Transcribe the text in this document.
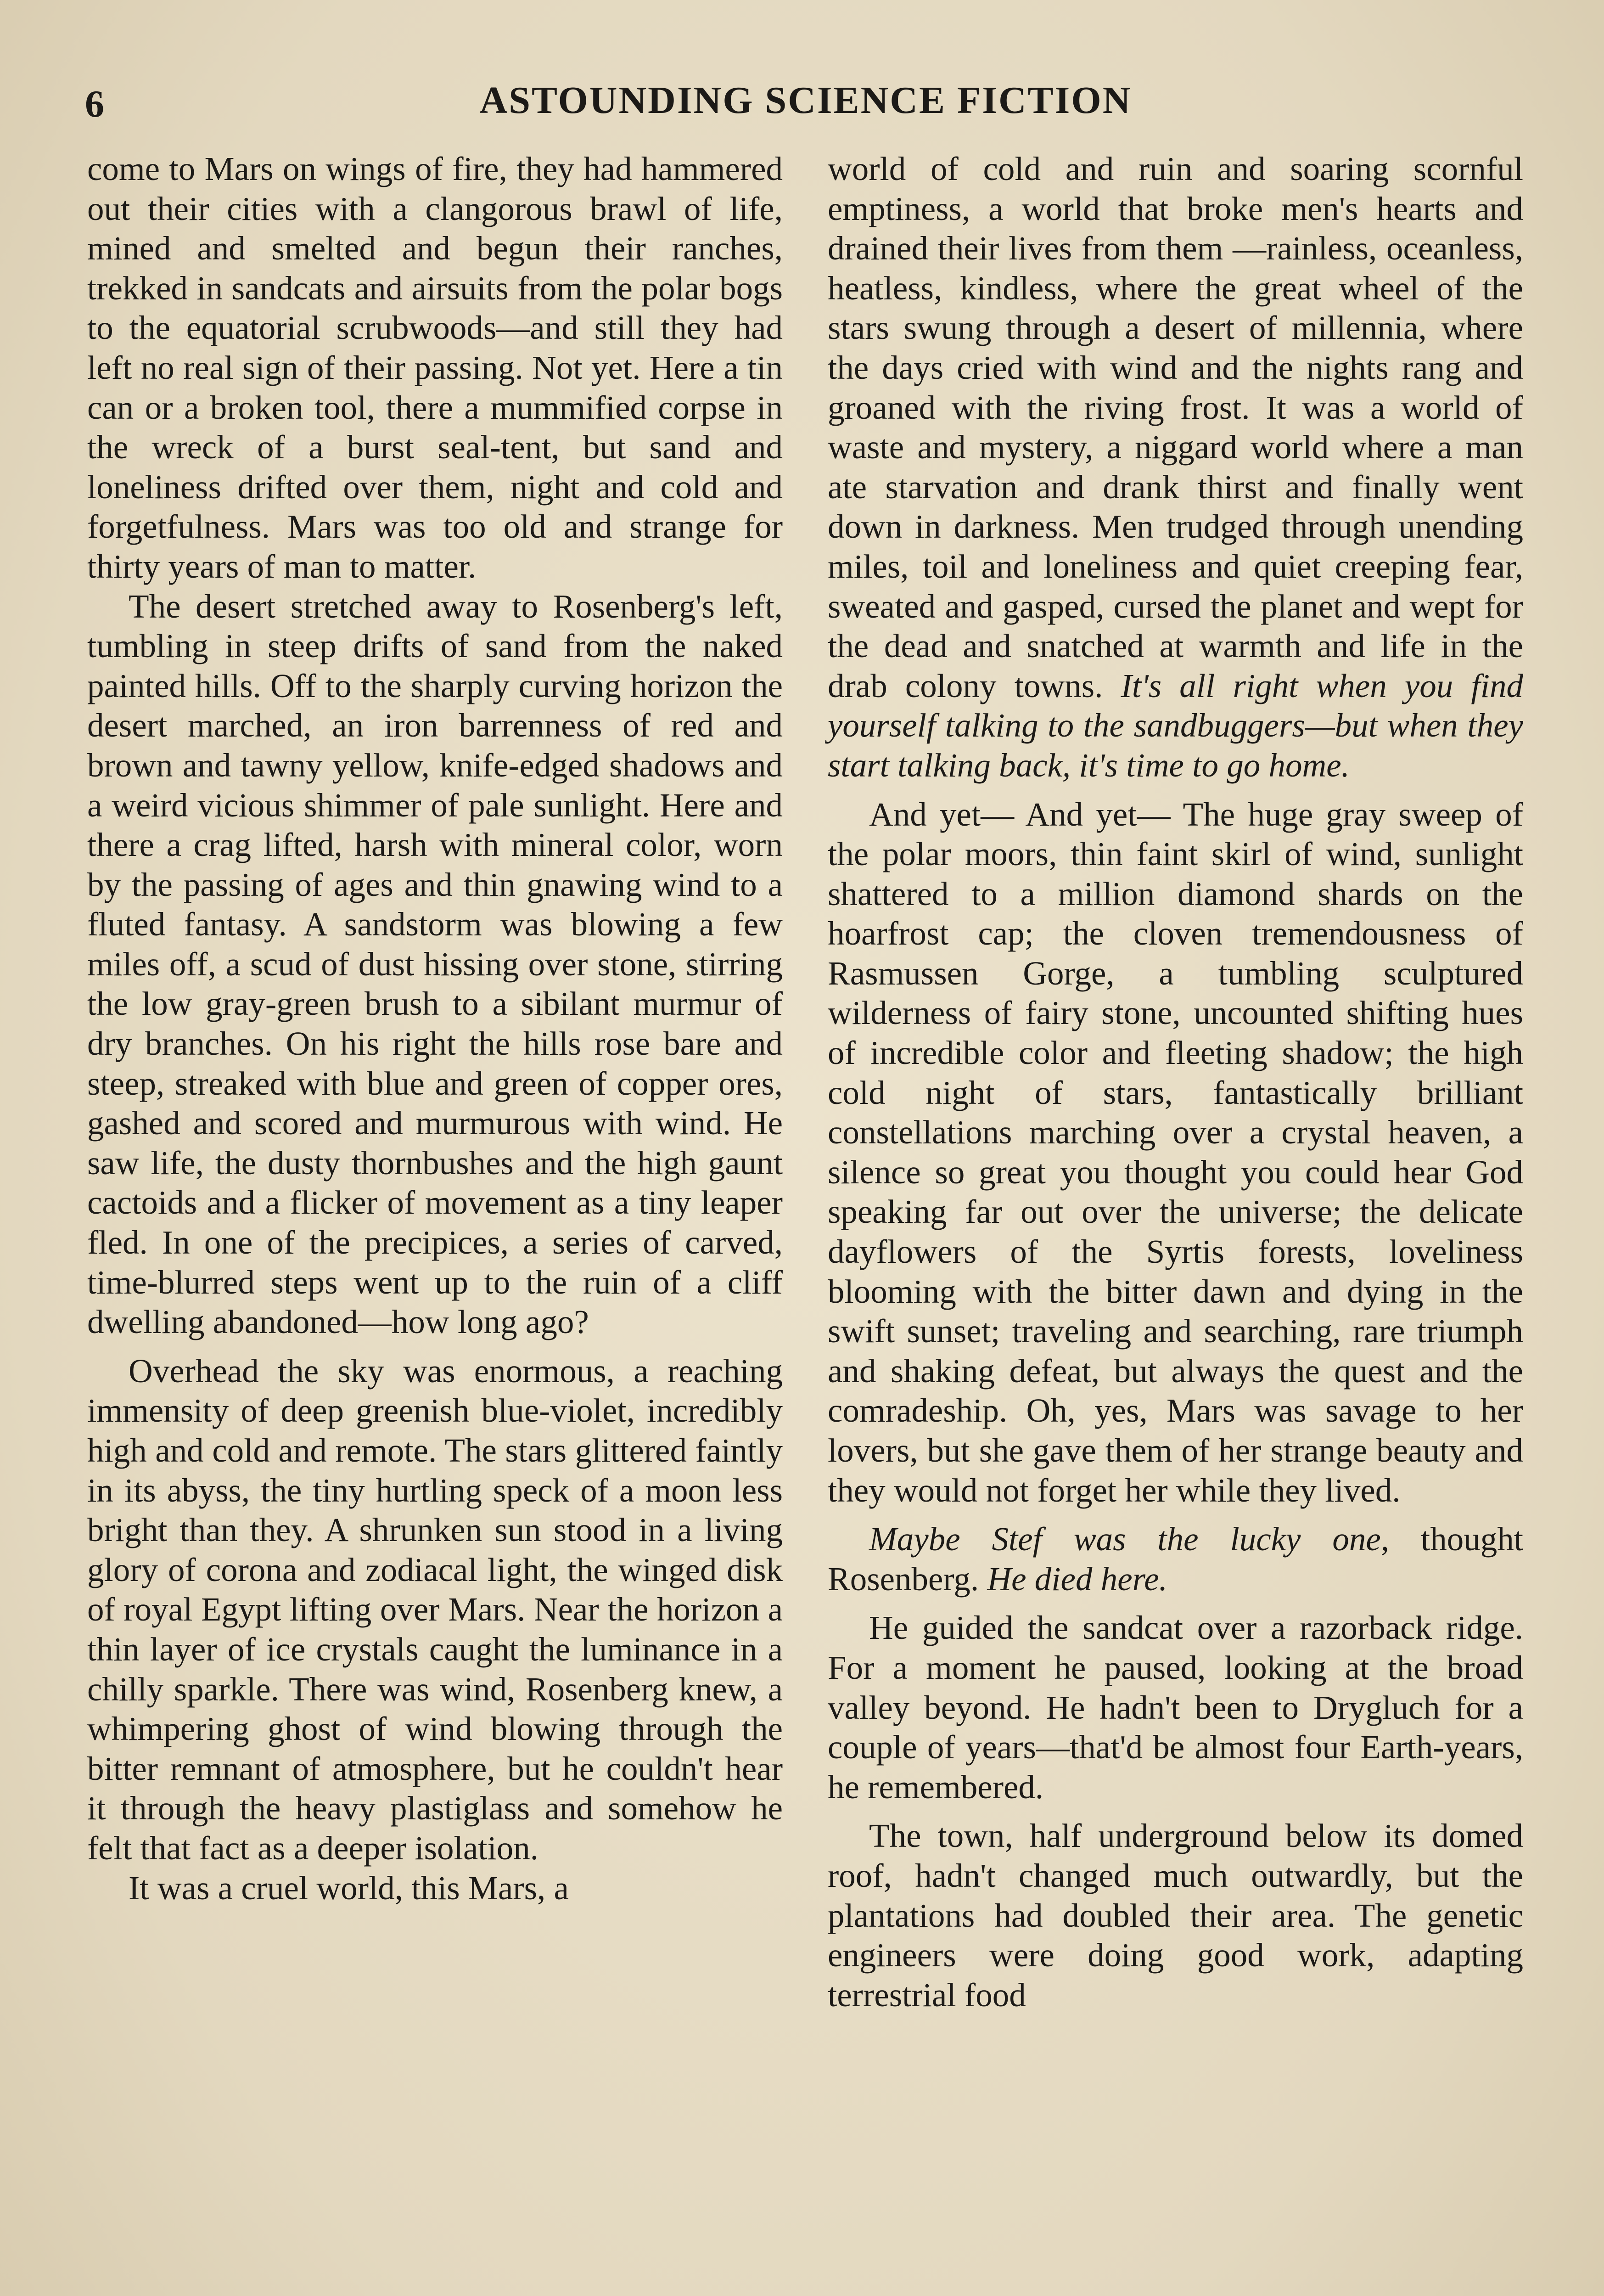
6	ASTOUNDING SCIENCE FICTION

come to Mars on wings of fire, they had hammered out their cities with a clangorous brawl of life, mined and smelted and begun their ranches, trekked in sandcats and airsuits from the polar bogs to the equatorial scrubwoods—and still they had left no real sign of their passing. Not yet. Here a tin can or a broken tool, there a mummified corpse in the wreck of a burst seal-tent, but sand and loneliness drifted over them, night and cold and forgetfulness. Mars was too old and strange for thirty years of man to matter.

The desert stretched away to Rosenberg's left, tumbling in steep drifts of sand from the naked painted hills. Off to the sharply curving horizon the desert marched, an iron barrenness of red and brown and tawny yellow, knife-edged shadows and a weird vicious shimmer of pale sunlight. Here and there a crag lifted, harsh with mineral color, worn by the passing of ages and thin gnawing wind to a fluted fantasy. A sandstorm was blowing a few miles off, a scud of dust hissing over stone, stirring the low gray-green brush to a sibilant murmur of dry branches. On his right the hills rose bare and steep, streaked with blue and green of copper ores, gashed and scored and murmurous with wind. He saw life, the dusty thornbushes and the high gaunt cactoids and a flicker of movement as a tiny leaper fled. In one of the precipices, a series of carved, time-blurred steps went up to the ruin of a cliff dwelling abandoned—how long ago?

Overhead the sky was enormous, a reaching immensity of deep greenish blue-violet, incredibly high and cold and remote. The stars glittered faintly in its abyss, the tiny hurtling speck of a moon less bright than they. A shrunken sun stood in a living glory of corona and zodiacal light, the winged disk of royal Egypt lifting over Mars. Near the horizon a thin layer of ice crystals caught the luminance in a chilly sparkle. There was wind, Rosenberg knew, a whimpering ghost of wind blowing through the bitter remnant of atmosphere, but he couldn't hear it through the heavy plastiglass and somehow he felt that fact as a deeper isolation.

It was a cruel world, this Mars, a

world of cold and ruin and soaring scornful emptiness, a world that broke men's hearts and drained their lives from them —rainless, oceanless, heatless, kindless, where the great wheel of the stars swung through a desert of millennia, where the days cried with wind and the nights rang and groaned with the riving frost. It was a world of waste and mystery, a niggard world where a man ate starvation and drank thirst and finally went down in darkness. Men trudged through unending miles, toil and loneliness and quiet creeping fear, sweated and gasped, cursed the planet and wept for the dead and snatched at warmth and life in the drab colony towns. It's all right when you find yourself talking to the sandbuggers—but when they start talking back, it's time to go home.

And yet— And yet— The huge gray sweep of the polar moors, thin faint skirl of wind, sunlight shattered to a million diamond shards on the hoarfrost cap; the cloven tremendousness of Rasmussen Gorge, a tumbling sculptured wilderness of fairy stone, uncounted shifting hues of incredible color and fleeting shadow; the high cold night of stars, fantastically brilliant constellations marching over a crystal heaven, a silence so great you thought you could hear God speaking far out over the universe; the delicate dayflowers of the Syrtis forests, loveliness blooming with the bitter dawn and dying in the swift sunset; traveling and searching, rare triumph and shaking defeat, but always the quest and the comradeship. Oh, yes, Mars was savage to her lovers, but she gave them of her strange beauty and they would not forget her while they lived.

Maybe Stef was the lucky one, thought Rosenberg. He died here.

He guided the sandcat over a razorback ridge. For a moment he paused, looking at the broad valley beyond. He hadn't been to Drygluch for a couple of years—that'd be almost four Earth-years, he remembered.

The town, half underground below its domed roof, hadn't changed much outwardly, but the plantations had doubled their area. The genetic engineers were doing good work, adapting terrestrial food
